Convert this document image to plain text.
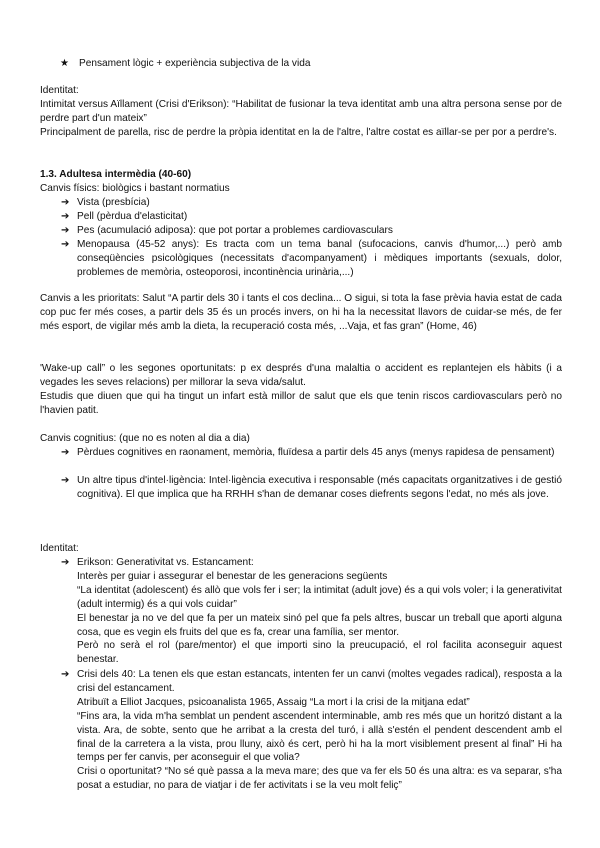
★ Pensament lògic + experiència subjectiva de la vida

Identitat:

Intimitat versus Aïllament (Crisi d'Erikson): “Habilitat de fusionar la teva identitat amb una altra persona sense por de perdre part d'un mateix”

Principalment de parella, risc de perdre la pròpia identitat en la de l'altre, l'altre costat es aïllar-se per por a perdre's.

1.3. Adultesa intermèdia (40-60)

Canvis físics: biològics i bastant normatius

➔ Vista (presbícia)

➔ Pell (pèrdua d'elasticitat)

➔ Pes (acumulació adiposa): que pot portar a problemes cardiovasculars

➔ Menopausa (45-52 anys): Es tracta com un tema banal (sufocacions, canvis d'humor,...) però amb conseqüències psicològiques (necessitats d'acompanyament) i mèdiques importants (sexuals, dolor, problemes de memòria, osteoporosi, incontinència urinària,...)

Canvis a les prioritats: Salut “A partir dels 30 i tants el cos declina... O sigui, si tota la fase prèvia havia estat de cada cop puc fer més coses, a partir dels 35 és un procés invers, on hi ha la necessitat llavors de cuidar-se més, de fer més esport, de vigilar més amb la dieta, la recuperació costa més, ...Vaja, et fas gran” (Home, 46)

'Wake-up call” o les segones oportunitats: p ex després d'una malaltia o accident es replantejen els hàbits (i a vegades les seves relacions) per millorar la seva vida/salut.

Estudis que diuen que qui ha tingut un infart està millor de salut que els que tenin riscos cardiovasculars però no l'havien patit.

Canvis cognitius: (que no es noten al dia a dia)

➔ Pèrdues cognitives en raonament, memòria, fluïdesa a partir dels 45 anys (menys rapidesa de pensament)

➔ Un altre tipus d'intel·ligència: Intel·ligència executiva i responsable (més capacitats organitzatives i de gestió cognitiva). El que implica que ha RRHH s'han de demanar coses diefrents segons l'edat, no més als jove.

Identitat:

➔ Erikson: Generativitat vs. Estancament:

Interès per guiar i assegurar el benestar de les generacions següents

“La identitat (adolescent) és allò que vols fer i ser; la intimitat (adult jove) és a qui vols voler; i la generativitat (adult intermig) és a qui vols cuidar”

El benestar ja no ve del que fa per un mateix sinó pel que fa pels altres, buscar un treball que aporti alguna cosa, que es vegin els fruits del que es fa, crear una família, ser mentor.

Però no serà el rol (pare/mentor) el que importi sino la preucupació, el rol facilita aconseguir aquest benestar.

➔ Crisi dels 40: La tenen els que estan estancats, intenten fer un canvi (moltes vegades radical), resposta a la crisi del estancament.

Atribuït a Elliot Jacques, psicoanalista 1965, Assaig “La mort i la crisi de la mitjana edat”

“Fins ara, la vida m'ha semblat un pendent ascendent interminable, amb res més que un horitzó distant a la vista. Ara, de sobte, sento que he arribat a la cresta del turó, i allà s'estén el pendent descendent amb el final de la carretera a la vista, prou lluny, això és cert, però hi ha la mort visiblement present al final” Hi ha temps per fer canvis, per aconseguir el que volia?

Crisi o oportunitat? “No sé què passa a la meva mare; des que va fer els 50 és una altra: es va separar, s'ha posat a estudiar, no para de viatjar i de fer activitats i se la veu molt feliç”
